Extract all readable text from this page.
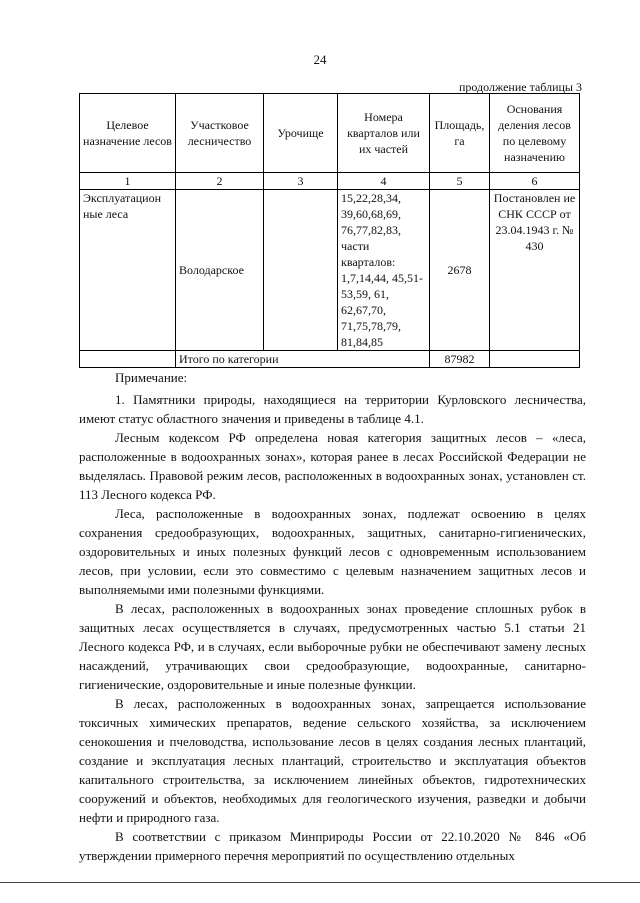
24
продолжение таблицы 3
Целевое назначение лесов	Участковое лесничество	Урочище	Номера кварталов или их частей	Площадь, га	Основания деления лесов по целевому назначению
1	2	3	4	5	6
Эксплуатацион ные леса	Володарское		15,22,28,34, 39,60,68,69, 76,77,82,83, части кварталов: 1,7,14,44, 45,51-53,59, 61, 62,67,70, 71,75,78,79, 81,84,85	2678	Постановлен ие СНК СССР от 23.04.1943 г. № 430
	Итого по категории			87982	
Примечание:

1. Памятники природы, находящиеся на территории Курловского лесничества, имеют статус областного значения и приведены в таблице 4.1.

Лесным кодексом РФ определена новая категория защитных лесов – «леса, расположенные в водоохранных зонах», которая ранее в лесах Российской Федерации не выделялась. Правовой режим лесов, расположенных в водоохранных зонах, установлен ст. 113 Лесного кодекса РФ.

Леса, расположенные в водоохранных зонах, подлежат освоению в целях сохранения средообразующих, водоохранных, защитных, санитарно-гигиенических, оздоровительных и иных полезных функций лесов с одновременным использованием лесов, при условии, если это совместимо с целевым назначением защитных лесов и выполняемыми ими полезными функциями.

В лесах, расположенных в водоохранных зонах проведение сплошных рубок в защитных лесах осуществляется в случаях, предусмотренных частью 5.1 статьи 21 Лесного кодекса РФ, и в случаях, если выборочные рубки не обеспечивают замену лесных насаждений, утрачивающих свои средообразующие, водоохранные, санитарно-гигиенические, оздоровительные и иные полезные функции.

В лесах, расположенных в водоохранных зонах, запрещается использование токсичных химических препаратов, ведение сельского хозяйства, за исключением сенокошения и пчеловодства, использование лесов в целях создания лесных плантаций, создание и эксплуатация лесных плантаций, строительство и эксплуатация объектов капитального строительства, за исключением линейных объектов, гидротехнических сооружений и объектов, необходимых для геологического изучения, разведки и добычи нефти и природного газа.

В соответствии с приказом Минприроды России от 22.10.2020 № 846 «Об утверждении примерного перечня мероприятий по осуществлению отдельных
